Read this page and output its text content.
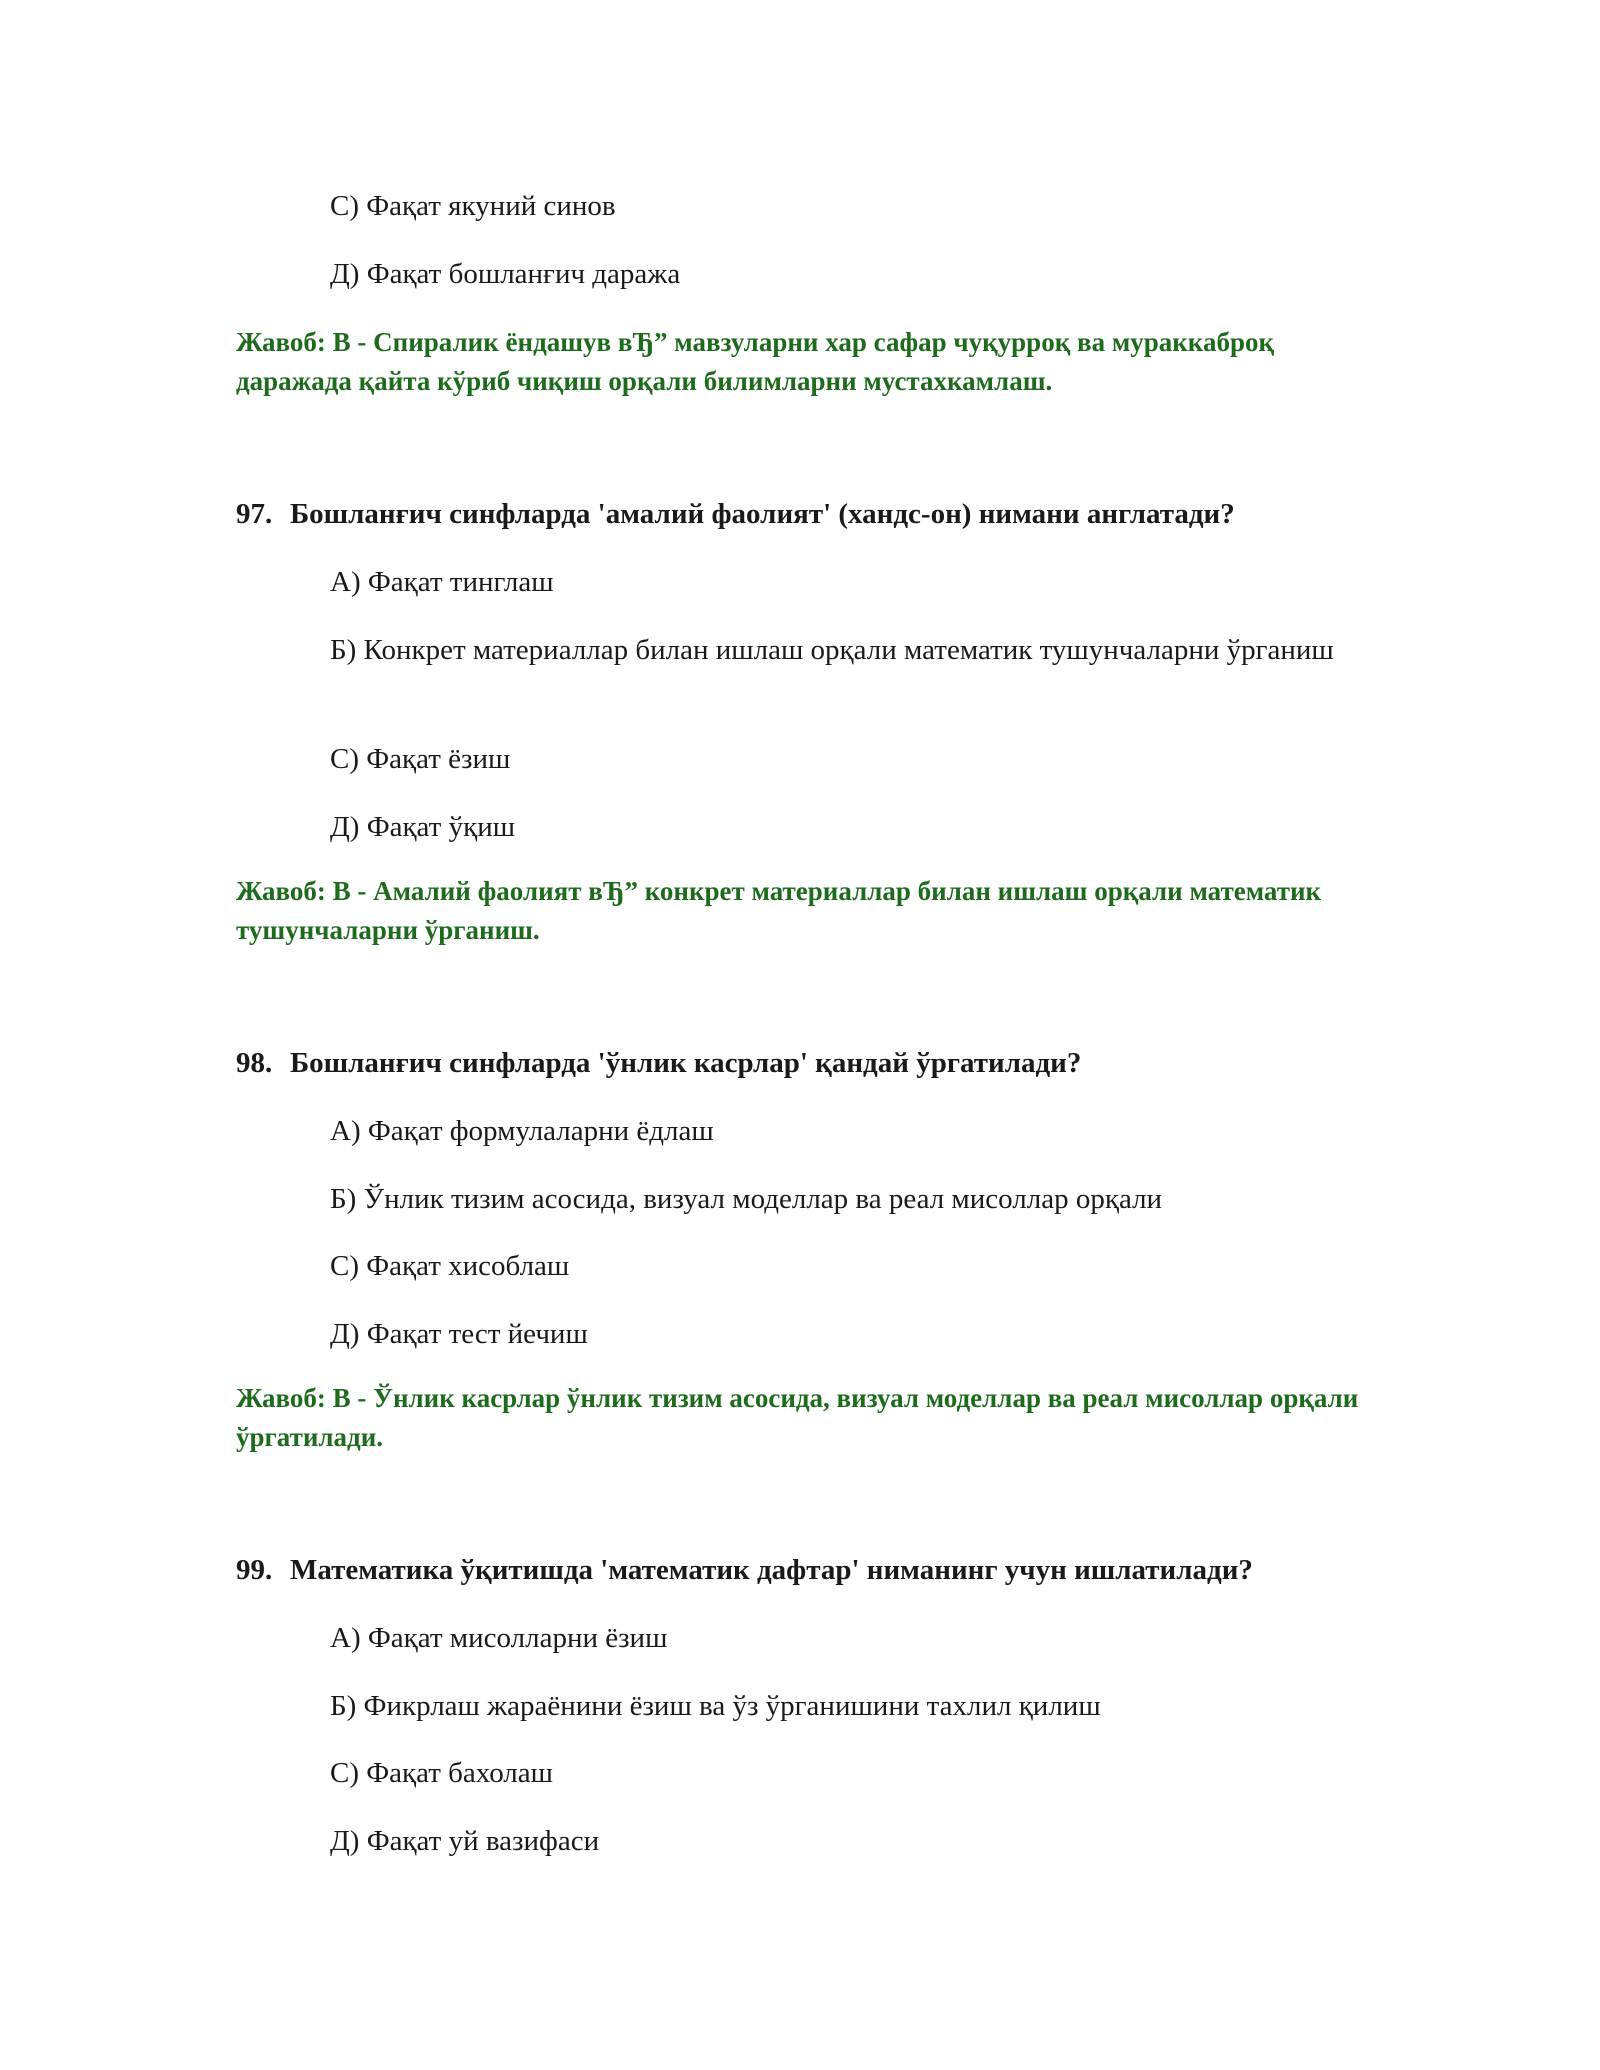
С) Фақат якуний синов
Д) Фақат бошланғич даража
Жавоб: В - Спиралик ёндашув вЂ” мавзуларни хар сафар чуқурроқ ва мураккаброқ даражада қайта кўриб чиқиш орқали билимларни мустахкамлаш.
97. Бошланғич синфларда 'амалий фаолият' (хандс-он) нимани англатади?
А) Фақат тинглаш
Б) Конкрет материаллар билан ишлаш орқали математик тушунчаларни ўрганиш
С) Фақат ёзиш
Д) Фақат ўқиш
Жавоб: В - Амалий фаолият вЂ” конкрет материаллар билан ишлаш орқали математик тушунчаларни ўрганиш.
98. Бошланғич синфларда 'ўнлик касрлар' қандай ўргатилади?
А) Фақат формулаларни ёдлаш
Б) Ўнлик тизим асосида, визуал моделлар ва реал мисоллар орқали
С) Фақат хисоблаш
Д) Фақат тест йечиш
Жавоб: В - Ўнлик касрлар ўнлик тизим асосида, визуал моделлар ва реал мисоллар орқали ўргатилади.
99. Математика ўқитишда 'математик дафтар' ниманинг учун ишлатилади?
А) Фақат мисолларни ёзиш
Б) Фикрлаш жараёнини ёзиш ва ўз ўрганишини тахлил қилиш
С) Фақат бахолаш
Д) Фақат уй вазифаси
